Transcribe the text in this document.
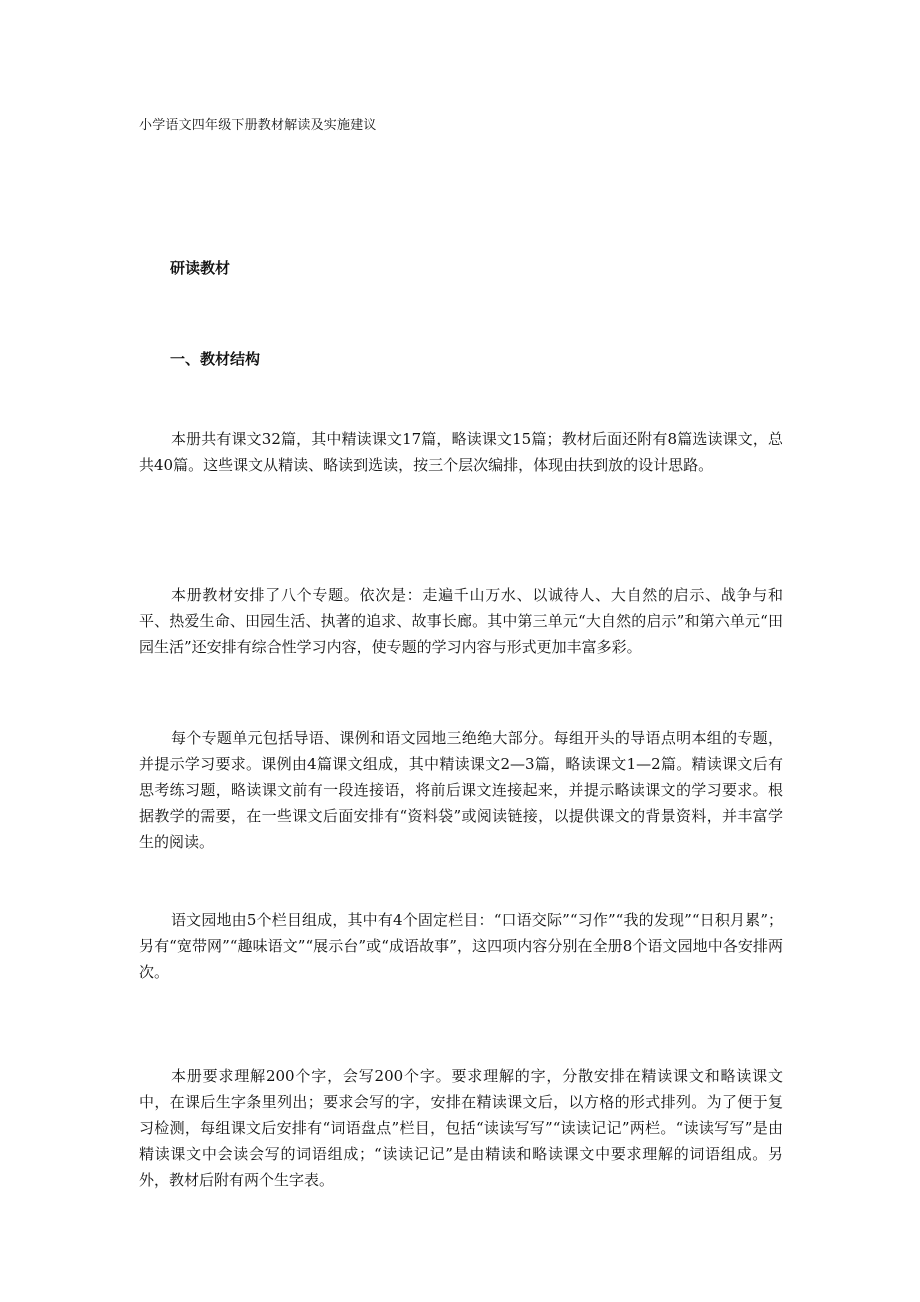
小学语文四年级下册教材解读及实施建议
研读教材
一、教材结构

本册共有课文32篇，其中精读课文17篇，略读课文15篇；教材后面还附有8篇选读课文，总共40篇。这些课文从精读、略读到选读，按三个层次编排，体现由扶到放的设计思路。

本册教材安排了八个专题。依次是：走遍千山万水、以诚待人、大自然的启示、战争与和平、热爱生命、田园生活、执著的追求、故事长廊。其中第三单元“大自然的启示”和第六单元“田园生活”还安排有综合性学习内容，使专题的学习内容与形式更加丰富多彩。

每个专题单元包括导语、课例和语文园地三绝绝大部分。每组开头的导语点明本组的专题，并提示学习要求。课例由4篇课文组成，其中精读课文2—3篇，略读课文1—2篇。精读课文后有思考练习题，略读课文前有一段连接语，将前后课文连接起来，并提示略读课文的学习要求。根据教学的需要，在一些课文后面安排有“资料袋”或阅读链接，以提供课文的背景资料，并丰富学生的阅读。

语文园地由5个栏目组成，其中有4个固定栏目：“口语交际”“习作”“我的发现”“日积月累”；另有“宽带网”“趣味语文”“展示台”或“成语故事”，这四项内容分别在全册8个语文园地中各安排两次。

本册要求理解200个字，会写200个字。要求理解的字，分散安排在精读课文和略读课文中，在课后生字条里列出；要求会写的字，安排在精读课文后，以方格的形式排列。为了便于复习检测，每组课文后安排有“词语盘点”栏目，包括“读读写写”“读读记记”两栏。“读读写写”是由精读课文中会读会写的词语组成；“读读记记”是由精读和略读课文中要求理解的词语组成。另外，教材后附有两个生字表。
